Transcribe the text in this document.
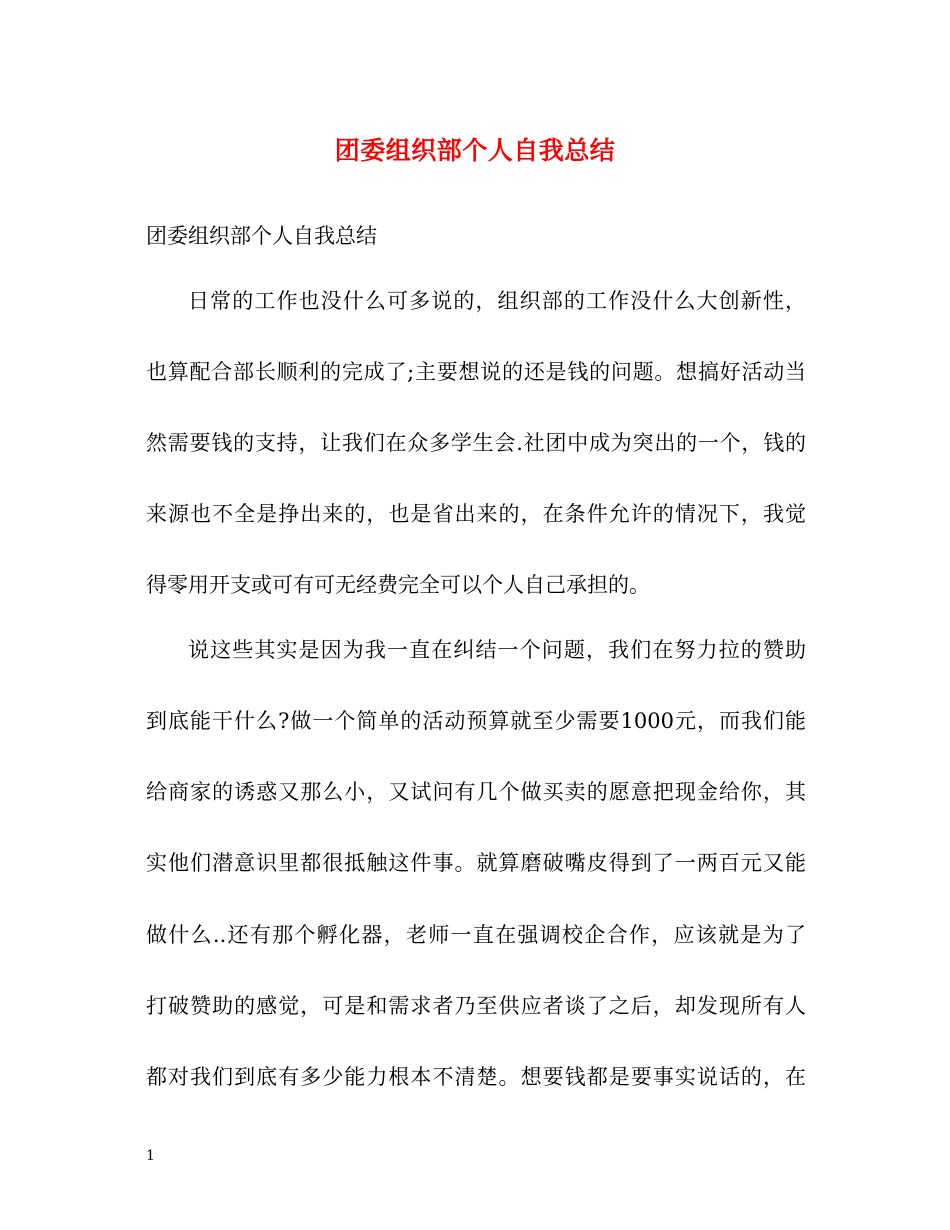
团委组织部个人自我总结
团委组织部个人自我总结
日常的工作也没什么可多说的，组织部的工作没什么大创新性，
也算配合部长顺利的完成了;主要想说的还是钱的问题。想搞好活动当
然需要钱的支持，让我们在众多学生会.社团中成为突出的一个，钱的
来源也不全是挣出来的，也是省出来的，在条件允许的情况下，我觉
得零用开支或可有可无经费完全可以个人自己承担的。
说这些其实是因为我一直在纠结一个问题，我们在努力拉的赞助
到底能干什么?做一个简单的活动预算就至少需要1000元，而我们能
给商家的诱惑又那么小，又试问有几个做买卖的愿意把现金给你，其
实他们潜意识里都很抵触这件事。就算磨破嘴皮得到了一两百元又能
做什么..还有那个孵化器，老师一直在强调校企合作，应该就是为了
打破赞助的感觉，可是和需求者乃至供应者谈了之后，却发现所有人
都对我们到底有多少能力根本不清楚。想要钱都是要事实说话的，在
1
